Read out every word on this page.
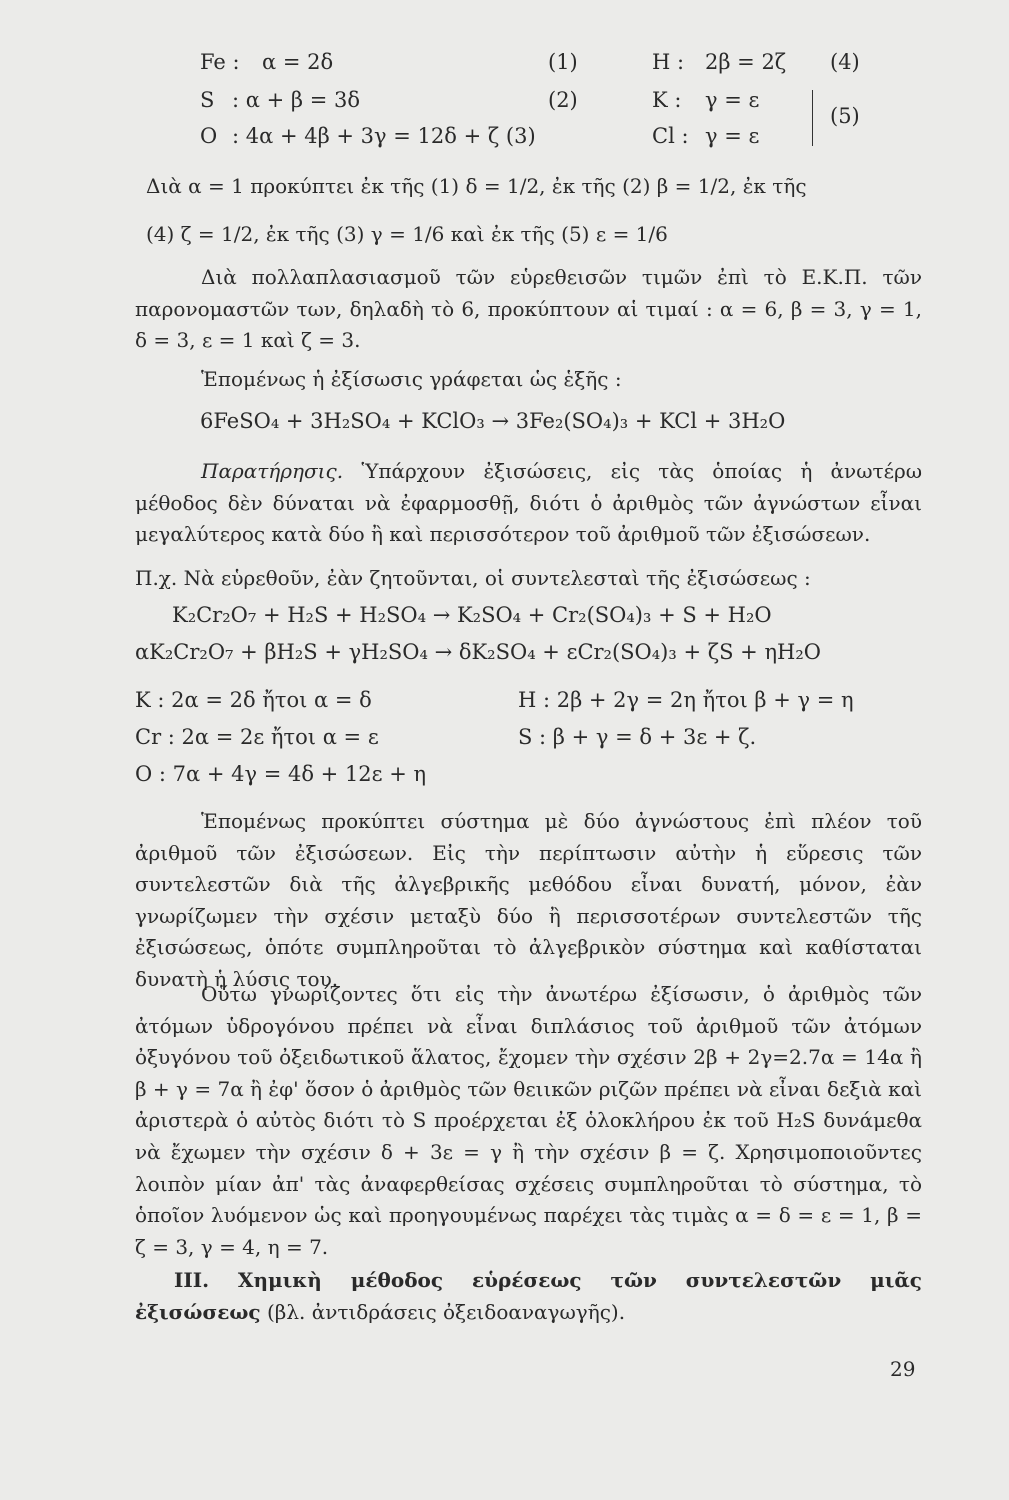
Fe : α = 2δ	(1)
S : α + β = 3δ	(2)
O : 4α + 4β + 3γ = 12δ + ζ (3)
H : 2β = 2ζ (4)
K : γ = ε
Cl : γ = ε
(5)
Διὰ α = 1 προκύπτει ἐκ τῆς (1) δ = 1/2, ἐκ τῆς (2) β = 1/2, ἐκ τῆς
(4) ζ = 1/2, ἐκ τῆς (3) γ = 1/6 καὶ ἐκ τῆς (5) ε = 1/6
Διὰ πολλαπλασιασμοῦ τῶν εὑρεθεισῶν τιμῶν ἐπὶ τὸ Ε.Κ.Π. τῶν παρονομαστῶν των, δηλαδὴ τὸ 6, προκύπτουν αἱ τιμαί : α = 6, β = 3, γ = 1, δ = 3, ε = 1 καὶ ζ = 3.
Ἑπομένως ἡ ἐξίσωσις γράφεται ὡς ἑξῆς :
6FeSO₄ + 3H₂SO₄ + KClO₃ → 3Fe₂(SO₄)₃ + KCl + 3H₂O
Παρατήρησις. Ὑπάρχουν ἐξισώσεις, εἰς τὰς ὁποίας ἡ ἀνωτέρω μέθοδος δὲν δύναται νὰ ἐφαρμοσθῇ, διότι ὁ ἀριθμὸς τῶν ἀγνώστων εἶναι μεγαλύτερος κατὰ δύο ἢ καὶ περισσότερον τοῦ ἀριθμοῦ τῶν ἐξισώσεων.
Π.χ. Νὰ εὑρεθοῦν, ἐὰν ζητοῦνται, οἱ συντελεσταὶ τῆς ἐξισώσεως :
K₂Cr₂O₇ + H₂S + H₂SO₄ → K₂SO₄ + Cr₂(SO₄)₃ + S + H₂O
αK₂Cr₂O₇ + βH₂S + γH₂SO₄ → δK₂SO₄ + εCr₂(SO₄)₃ + ζS + ηH₂O
K : 2α = 2δ ἤτοι α = δ
Cr : 2α = 2ε ἤτοι α = ε
O : 7α + 4γ = 4δ + 12ε + η
H : 2β + 2γ = 2η ἤτοι β + γ = η
S : β + γ = δ + 3ε + ζ.
Ἑπομένως προκύπτει σύστημα μὲ δύο ἀγνώστους ἐπὶ πλέον τοῦ ἀριθμοῦ τῶν ἐξισώσεων. Εἰς τὴν περίπτωσιν αὐτὴν ἡ εὕρεσις τῶν συντελεστῶν διὰ τῆς ἀλγεβρικῆς μεθόδου εἶναι δυνατή, μόνον, ἐὰν γνωρίζωμεν τὴν σχέσιν μεταξὺ δύο ἢ περισσοτέρων συντελεστῶν τῆς ἐξισώσεως, ὁπότε συμπληροῦται τὸ ἀλγεβρικὸν σύστημα καὶ καθίσταται δυνατὴ ἡ λύσις του.
Οὕτω γνωρίζοντες ὅτι εἰς τὴν ἀνωτέρω ἐξίσωσιν, ὁ ἀριθμὸς τῶν ἀτόμων ὑδρογόνου πρέπει νὰ εἶναι διπλάσιος τοῦ ἀριθμοῦ τῶν ἀτόμων ὀξυγόνου τοῦ ὀξειδωτικοῦ ἅλατος, ἔχομεν τὴν σχέσιν 2β + 2γ=2.7α = 14α ἢ β + γ = 7α ἢ ἐφ' ὅσον ὁ ἀριθμὸς τῶν θειικῶν ριζῶν πρέπει νὰ εἶναι δεξιὰ καὶ ἀριστερὰ ὁ αὐτὸς διότι τὸ S προέρχεται ἐξ ὁλοκλήρου ἐκ τοῦ H₂S δυνάμεθα νὰ ἔχωμεν τὴν σχέσιν δ + 3ε = γ ἢ τὴν σχέσιν β = ζ. Χρησιμοποιοῦντες λοιπὸν μίαν ἀπ' τὰς ἀναφερθείσας σχέσεις συμπληροῦται τὸ σύστημα, τὸ ὁποῖον λυόμενον ὡς καὶ προηγουμένως παρέχει τὰς τιμὰς α = δ = ε = 1, β = ζ = 3, γ = 4, η = 7.
ΙΙΙ. Χημικὴ μέθοδος εὑρέσεως τῶν συντελεστῶν μιᾶς ἐξισώσεως (βλ. ἀντιδράσεις ὀξειδοαναγωγῆς).
29
